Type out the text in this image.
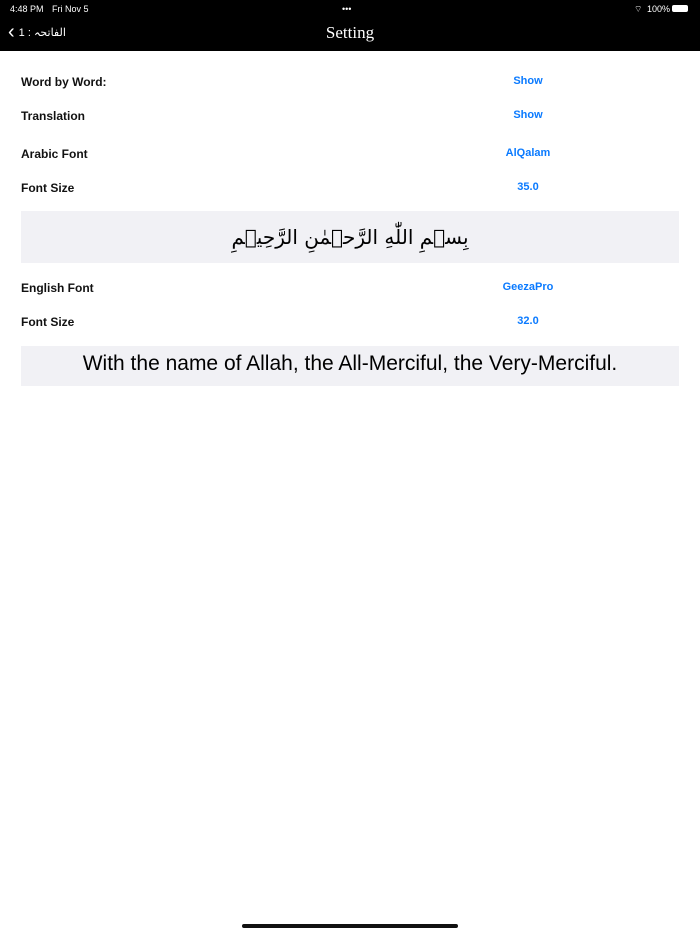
4:48 PM Fri Nov 5	•••	⌔ 100%
‹ الفاتحہ : 1	Setting
Word by Word:	Show
Translation	Show
Arabic Font	AlQalam
Font Size	35.0
بِسۡمِ اللّٰهِ الرَّحۡمٰنِ الرَّحِيۡمِ
English Font	GeezaPro
Font Size	32.0
With the name of Allah, the All-Merciful, the Very-Merciful.
